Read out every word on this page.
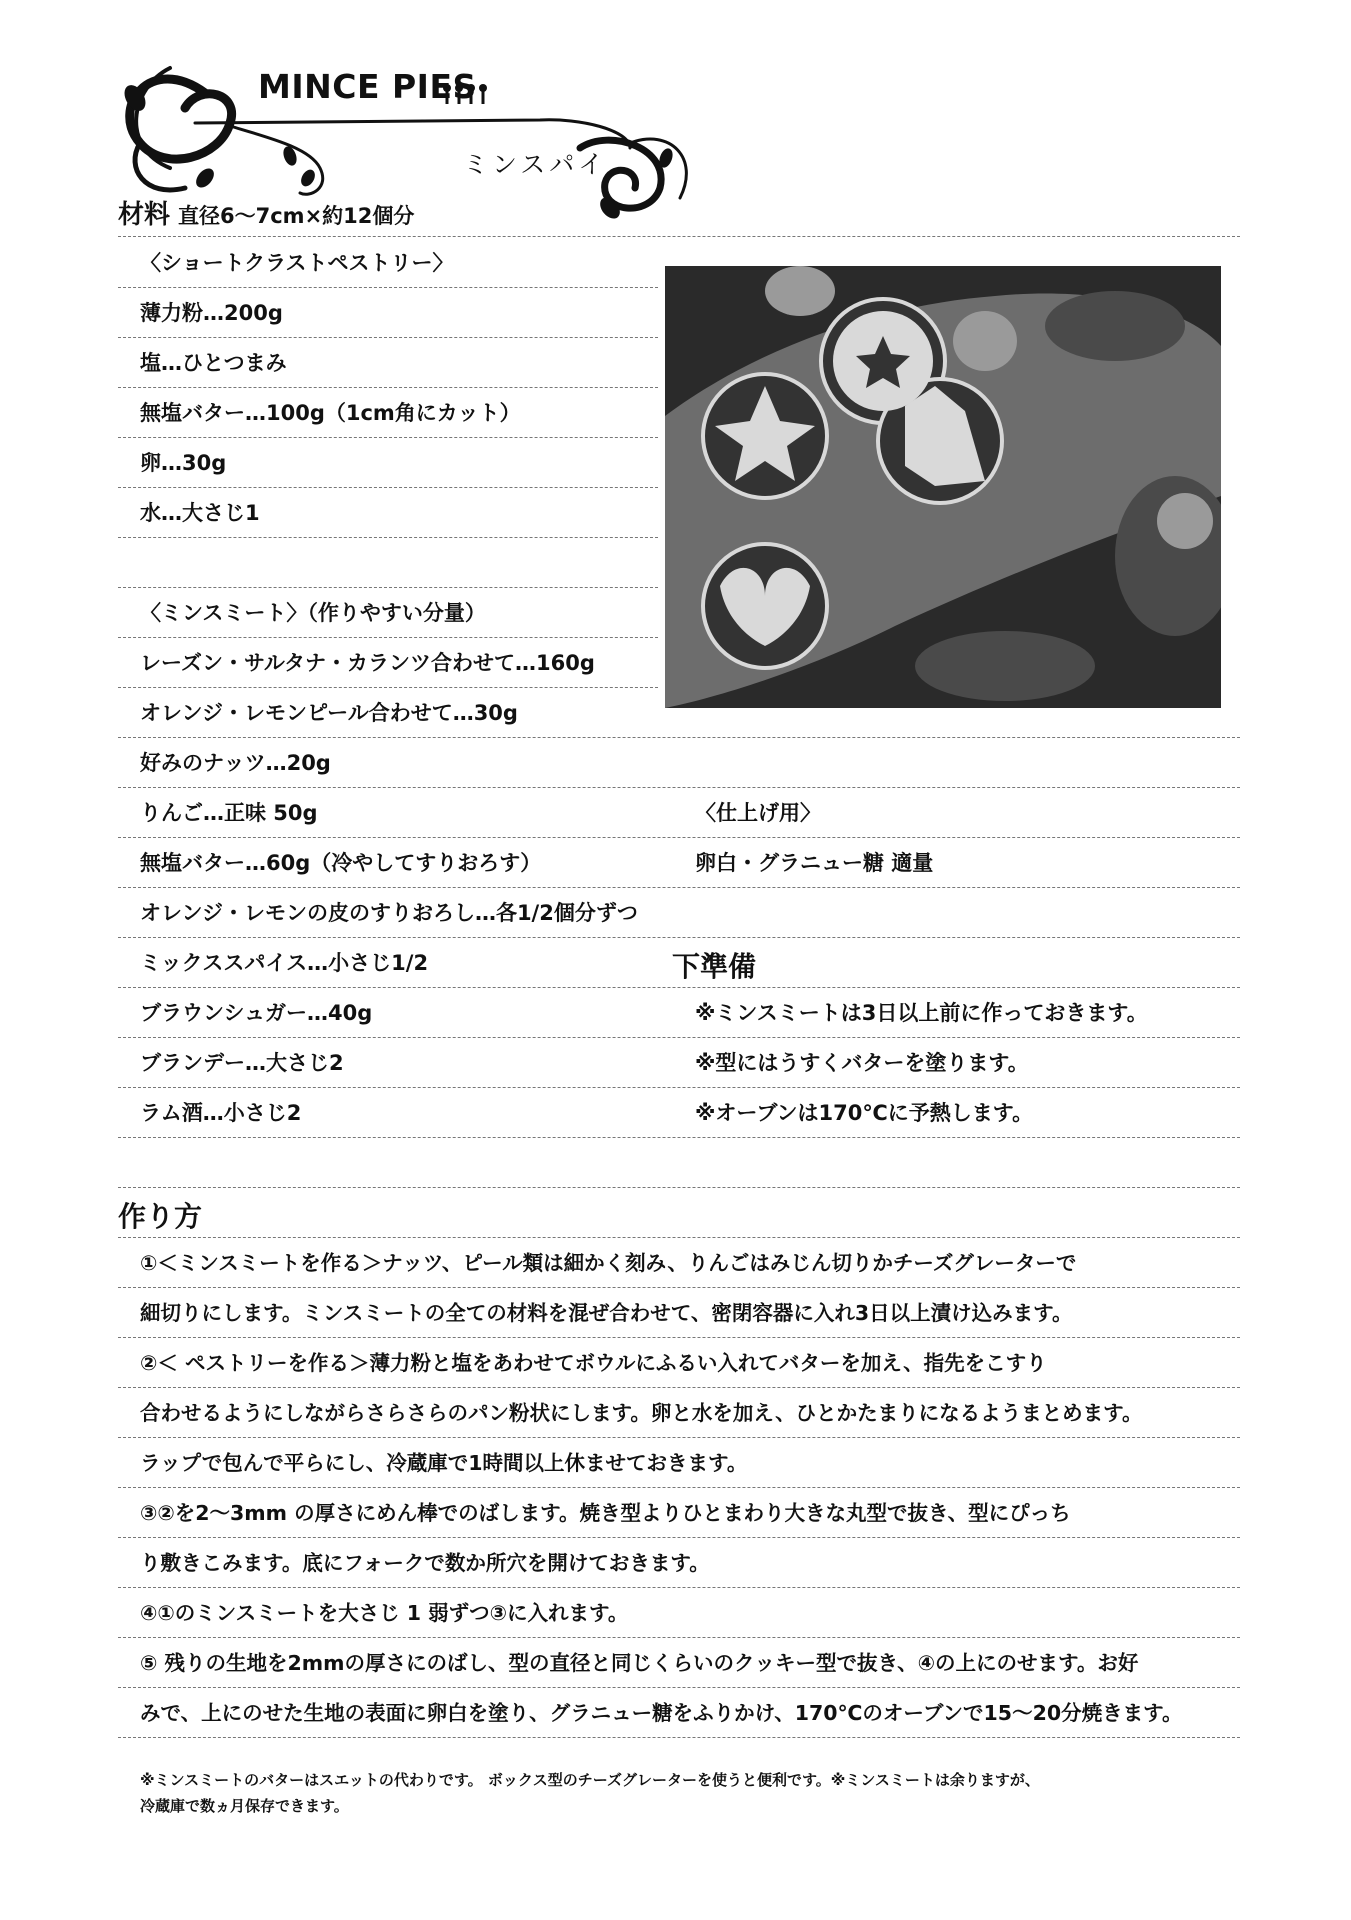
MINCE PIES
ミンスパイ
材料 直径6～7cm×約12個分
〈ショートクラストペストリー〉
薄力粉…200g
塩…ひとつまみ
無塩バター…100g（1cm角にカット）
卵…30g
水…大さじ1
〈ミンスミート〉（作りやすい分量）
レーズン・サルタナ・カランツ合わせて…160g
オレンジ・レモンピール合わせて…30g
好みのナッツ…20g
りんご…正味 50g
無塩バター…60g（冷やしてすりおろす）
オレンジ・レモンの皮のすりおろし…各1/2個分ずつ
ミックススパイス…小さじ1/2
ブラウンシュガー…40g
ブランデー…大さじ2
ラム酒…小さじ2
〈仕上げ用〉
卵白・グラニュー糖 適量
下準備
※ミンスミートは3日以上前に作っておきます。
※型にはうすくバターを塗ります。
※オーブンは170℃に予熱します。
作り方
①＜ミンスミートを作る＞ナッツ、ピール類は細かく刻み、りんごはみじん切りかチーズグレーターで
細切りにします。ミンスミートの全ての材料を混ぜ合わせて、密閉容器に入れ3日以上漬け込みます。
②＜ ペストリーを作る＞薄力粉と塩をあわせてボウルにふるい入れてバターを加え、指先をこすり
合わせるようにしながらさらさらのパン粉状にします。卵と水を加え、ひとかたまりになるようまとめます。
ラップで包んで平らにし、冷蔵庫で1時間以上休ませておきます。
③②を2～3mm の厚さにめん棒でのばします。焼き型よりひとまわり大きな丸型で抜き、型にぴっち
り敷きこみます。底にフォークで数か所穴を開けておきます。
④①のミンスミートを大さじ 1 弱ずつ③に入れます。
⑤ 残りの生地を2mmの厚さにのばし、型の直径と同じくらいのクッキー型で抜き、④の上にのせます。お好
みで、上にのせた生地の表面に卵白を塗り、グラニュー糖をふりかけ、170℃のオーブンで15～20分焼きます。
※ミンスミートのバターはスエットの代わりです。 ボックス型のチーズグレーターを使うと便利です。※ミンスミートは余りますが、
冷蔵庫で数ヵ月保存できます。
